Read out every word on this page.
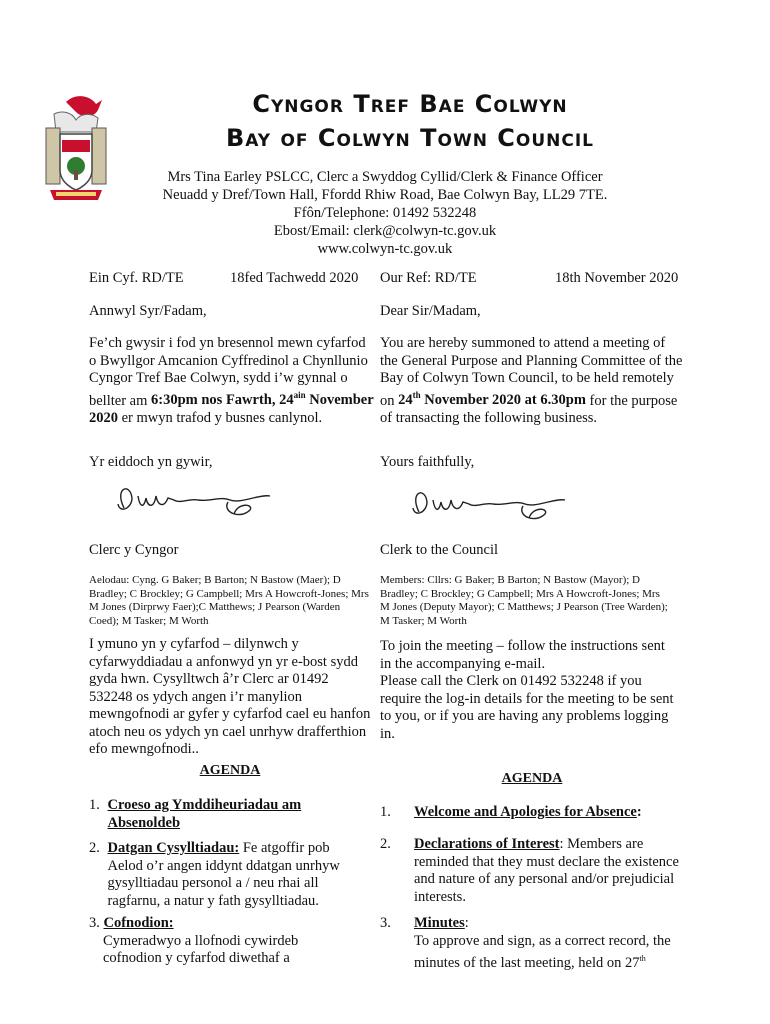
Cyngor Tref Bae Colwyn
Bay of Colwyn Town Council
Mrs Tina Earley PSLCC, Clerc a Swyddog Cyllid/Clerk & Finance Officer
Neuadd y Dref/Town Hall, Ffordd Rhiw Road, Bae Colwyn Bay, LL29 7TE.
Ffôn/Telephone: 01492 532248
Ebost/Email: clerk@colwyn-tc.gov.uk
www.colwyn-tc.gov.uk
Ein Cyf. RD/TE	18fed Tachwedd 2020 Our Ref: RD/TE	18th November 2020
Annwyl Syr/Fadam,	Dear Sir/Madam,
Fe’ch gwysir i fod yn bresennol mewn cyfarfod o Bwyllgor Amcanion Cyffredinol a Chynllunio Cyngor Tref Bae Colwyn, sydd i’w gynnal o bellter am 6:30pm nos Fawrth, $24^{ain}$ November 2020 er mwyn trafod y busnes canlynol.
You are hereby summoned to attend a meeting of the General Purpose and Planning Committee of the Bay of Colwyn Town Council, to be held remotely on 24th November 2020 at 6.30pm for the purpose of transacting the following business.
Yr eiddoch yn gywir,	Yours faithfully,
Clerc y Cyngor	Clerk to the Council
Aelodau: Cyng. G Baker; B Barton; N Bastow (Maer); D Bradley; C Brockley; G Campbell; Mrs A Howcroft-Jones; Mrs M Jones (Dirprwy Faer);C Matthews; J Pearson (Warden Coed); M Tasker; M Worth
Members: Cllrs: G Baker; B Barton; N Bastow (Mayor); D Bradley; C Brockley; G Campbell; Mrs A Howcroft-Jones; Mrs M Jones (Deputy Mayor); C Matthews; J Pearson (Tree Warden); M Tasker; M Worth
I ymuno yn y cyfarfod – dilynwch y cyfarwyddiadau a anfonwyd yn yr e-bost sydd gyda hwn. Cysylltwch â’r Clerc ar 01492 532248 os ydych angen i’r manylion mewngofnodi ar gyfer y cyfarfod cael eu hanfon atoch neu os ydych yn cael unrhyw drafferthion efo mewngofnodi..
To join the meeting – follow the instructions sent in the accompanying e-mail.
Please call the Clerk on 01492 532248 if you require the log-in details for the meeting to be sent to you, or if you are having any problems logging in.
AGENDA
AGENDA
1. Croeso ag Ymddiheuriadau am Absenoldeb
2. Datgan Cysylltiadau: Fe atgoffir pob Aelod o’r angen iddynt ddatgan unrhyw gysylltiadau personol a / neu rhai all ragfarnu, a natur y fath gysylltiadau.
3. Cofnodion:
Cymeradwyo a llofnodi cywirdeb cofnodion y cyfarfod diwethaf a
1. Welcome and Apologies for Absence:
2. Declarations of Interest: Members are reminded that they must declare the existence and nature of any personal and/or prejudicial interests.
3. Minutes:
To approve and sign, as a correct record, the minutes of the last meeting, held on 27th
